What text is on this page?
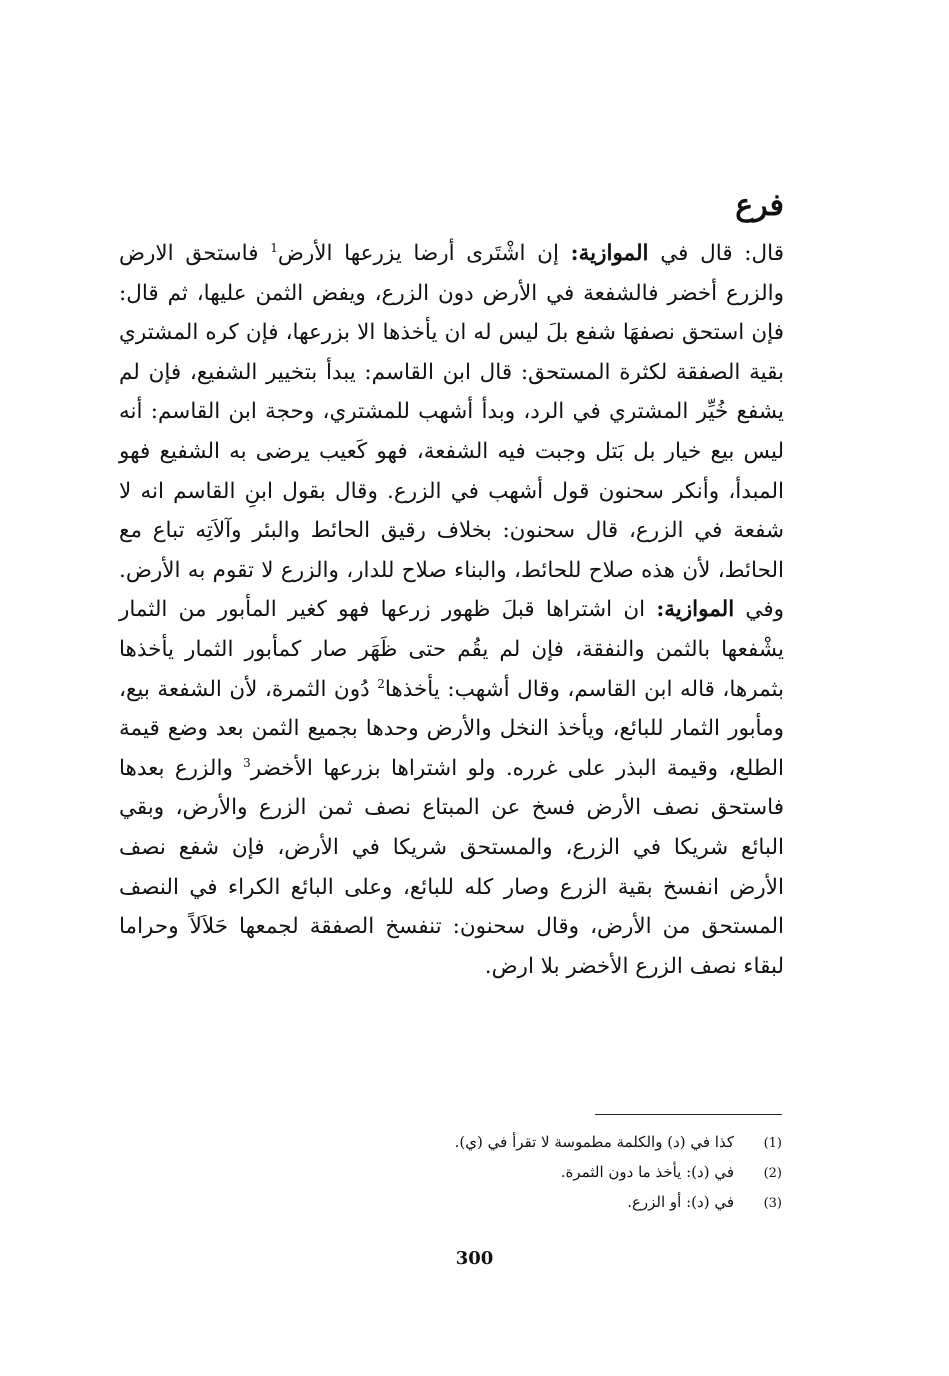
فرع

قال: قال في الموازية: إن اشْتَرى أرضا يزرعها الأرض$^1$ فاستحق الارض والزرع أخضر فالشفعة في الأرض دون الزرع، ويفض الثمن عليها، ثم قال: فإن استحق نصفهَا شفع بلَ ليس له ان يأخذها الا بزرعها، فإن كره المشتري بقية الصفقة لكثرة المستحق: قال ابن القاسم: يبدأ بتخيير الشفيع، فإن لم يشفع خُيِّر المشتري في الرد، وبدأ أشهب للمشتري، وحجة ابن القاسم: أنه ليس بيع خيار بل بَتل وجبت فيه الشفعة، فهو كَعيب يرضى به الشفيع فهو المبدأ، وأنكر سحنون قول أشهب في الزرع. وقال بقول ابنِ القاسم انه لا شفعة في الزرع، قال سحنون: بخلاف رقيق الحائط والبئر وآلاَتِه تباع مع الحائط، لأن هذه صلاح للحائط، والبناء صلاح للدار، والزرع لا تقوم به الأرض. وفي الموازية: ان اشتراها قبلَ ظهور زرعها فهو كغير المأبور من الثمار يشْفعها بالثمن والنفقة، فإن لم يقُم حتى ظَهَر صار كمأبور الثمار يأخذها بثمرها، قاله ابن القاسم، وقال أشهب: يأخذها$^2$ دُون الثمرة، لأن الشفعة بيع، ومأبور الثمار للبائع، ويأخذ النخل والأرض وحدها بجميع الثمن بعد وضع قيمة الطلع، وقيمة البذر على غرره. ولو اشتراها بزرعها الأخضر$^3$ والزرع بعدها فاستحق نصف الأرض فسخ عن المبتاع نصف ثمن الزرع والأرض، وبقي البائع شريكا في الزرع، والمستحق شريكا في الأرض، فإن شفع نصف الأرض انفسخ بقية الزرع وصار كله للبائع، وعلى البائع الكراء في النصف المستحق من الأرض، وقال سحنون: تنفسخ الصفقة لجمعها حَلاَلاً وحراما لبقاء نصف الزرع الأخضر بلا ارض.

(1)كذا في (د) والكلمة مطموسة لا تقرأ في (ي).
(2)في (د): يأخذ ما دون الثمرة.
(3)في (د): أو الزرع.
300
